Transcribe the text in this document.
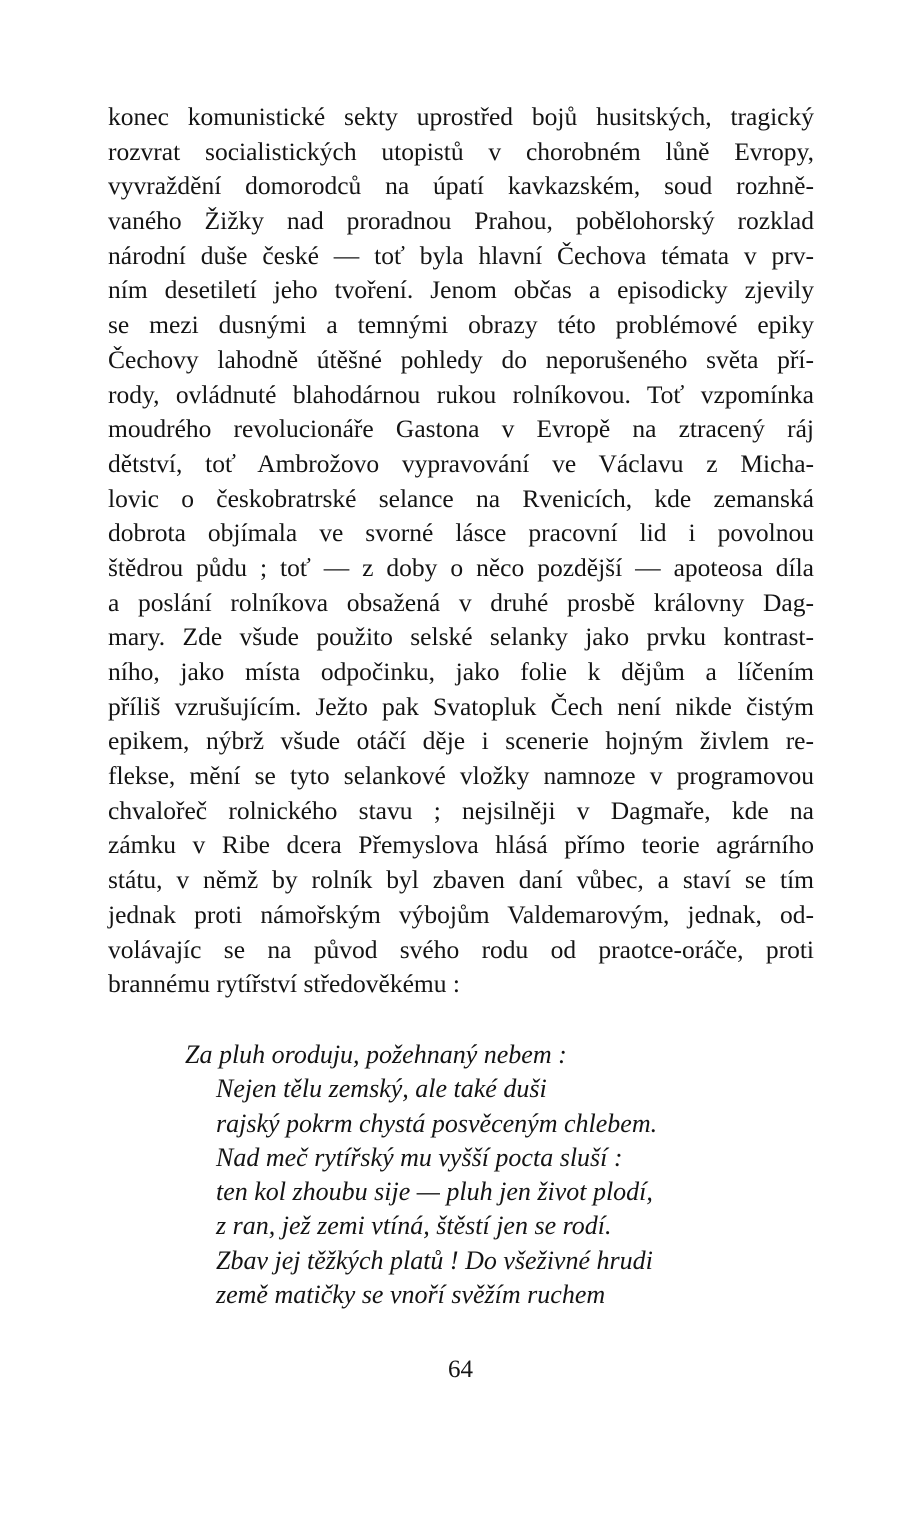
konec komunistické sekty uprostřed bojů husitských, tragický
rozvrat socialistických utopistů v chorobném lůně Evropy,
vyvraždění domorodců na úpatí kavkazském, soud rozhně-
vaného Žižky nad proradnou Prahou, pobělohorský rozklad
národní duše české — toť byla hlavní Čechova témata v prv-
ním desetiletí jeho tvoření. Jenom občas a episodicky zjevily
se mezi dusnými a temnými obrazy této problémové epiky
Čechovy lahodně útěšné pohledy do neporušeného světa pří-
rody, ovládnuté blahodárnou rukou rolníkovou. Toť vzpomínka
moudrého revolucionáře Gastona v Evropě na ztracený ráj
dětství, toť Ambrožovo vypravování ve Václavu z Micha-
lovic o českobratrské selance na Rvenicích, kde zemanská
dobrota objímala ve svorné lásce pracovní lid i povolnou
štědrou půdu ; toť — z doby o něco pozdější — apoteosa díla
a poslání rolníkova obsažená v druhé prosbě královny Dag-
mary. Zde všude použito selské selanky jako prvku kontrast-
ního, jako místa odpočinku, jako folie k dějům a líčením
příliš vzrušujícím. Ježto pak Svatopluk Čech není nikde čistým
epikem, nýbrž všude otáčí děje i scenerie hojným živlem re-
flekse, mění se tyto selankové vložky namnoze v programovou
chvalořeč rolnického stavu ; nejsilněji v Dagmaře, kde na
zámku v Ribe dcera Přemyslova hlásá přímo teorie agrárního
státu, v němž by rolník byl zbaven daní vůbec, a staví se tím
jednak proti námořským výbojům Valdemarovým, jednak, od-
volávajíc se na původ svého rodu od praotce-oráče, proti
brannému rytířství středověkému :
Za pluh oroduju, požehnaný nebem :
Nejen tělu zemský, ale také duši
rajský pokrm chystá posvěceným chlebem.
Nad meč rytířský mu vyšší pocta sluší :
ten kol zhoubu sije — pluh jen život plodí,
z ran, jež zemi vtíná, štěstí jen se rodí.
Zbav jej těžkých platů ! Do všeživné hrudi
země matičky se vnoří svěžím ruchem
64
